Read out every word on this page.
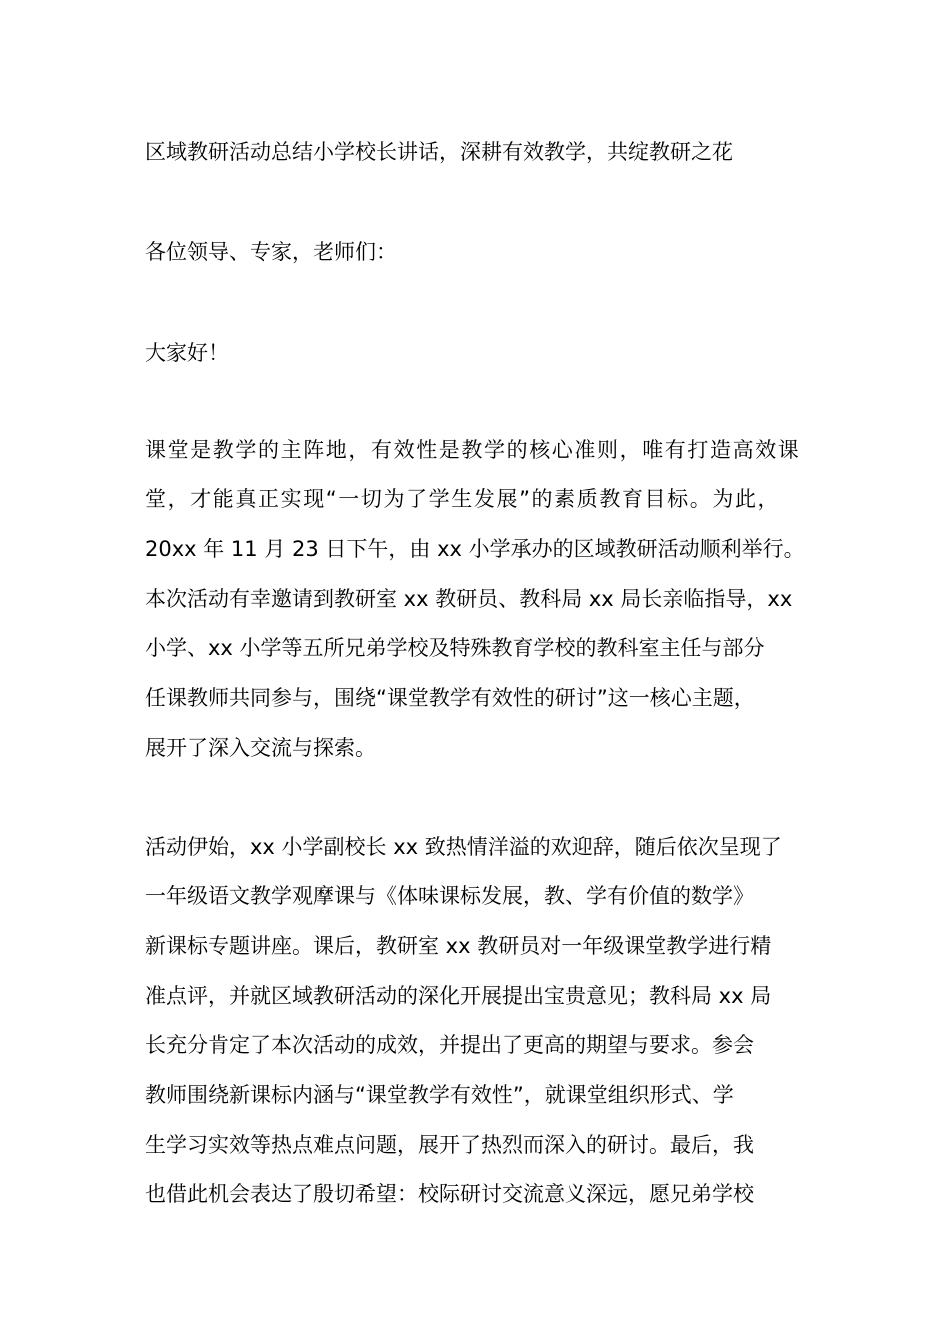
区域教研活动总结小学校长讲话，深耕有效教学，共绽教研之花
各位领导、专家，老师们：
大家好！
课堂是教学的主阵地，有效性是教学的核心准则，唯有打造高效课
堂，才能真正实现“一切为了学生发展”的素质教育目标。为此，
20xx 年 11 月 23 日下午，由 xx 小学承办的区域教研活动顺利举行。
本次活动有幸邀请到教研室 xx 教研员、教科局 xx 局长亲临指导，xx
小学、xx 小学等五所兄弟学校及特殊教育学校的教科室主任与部分
任课教师共同参与，围绕“课堂教学有效性的研讨”这一核心主题，
展开了深入交流与探索。
活动伊始，xx 小学副校长 xx 致热情洋溢的欢迎辞，随后依次呈现了
一年级语文教学观摩课与《体味课标发展，教、学有价值的数学》
新课标专题讲座。课后，教研室 xx 教研员对一年级课堂教学进行精
准点评，并就区域教研活动的深化开展提出宝贵意见；教科局 xx 局
长充分肯定了本次活动的成效，并提出了更高的期望与要求。参会
教师围绕新课标内涵与“课堂教学有效性”，就课堂组织形式、学
生学习实效等热点难点问题，展开了热烈而深入的研讨。最后，我
也借此机会表达了殷切希望：校际研讨交流意义深远，愿兄弟学校
